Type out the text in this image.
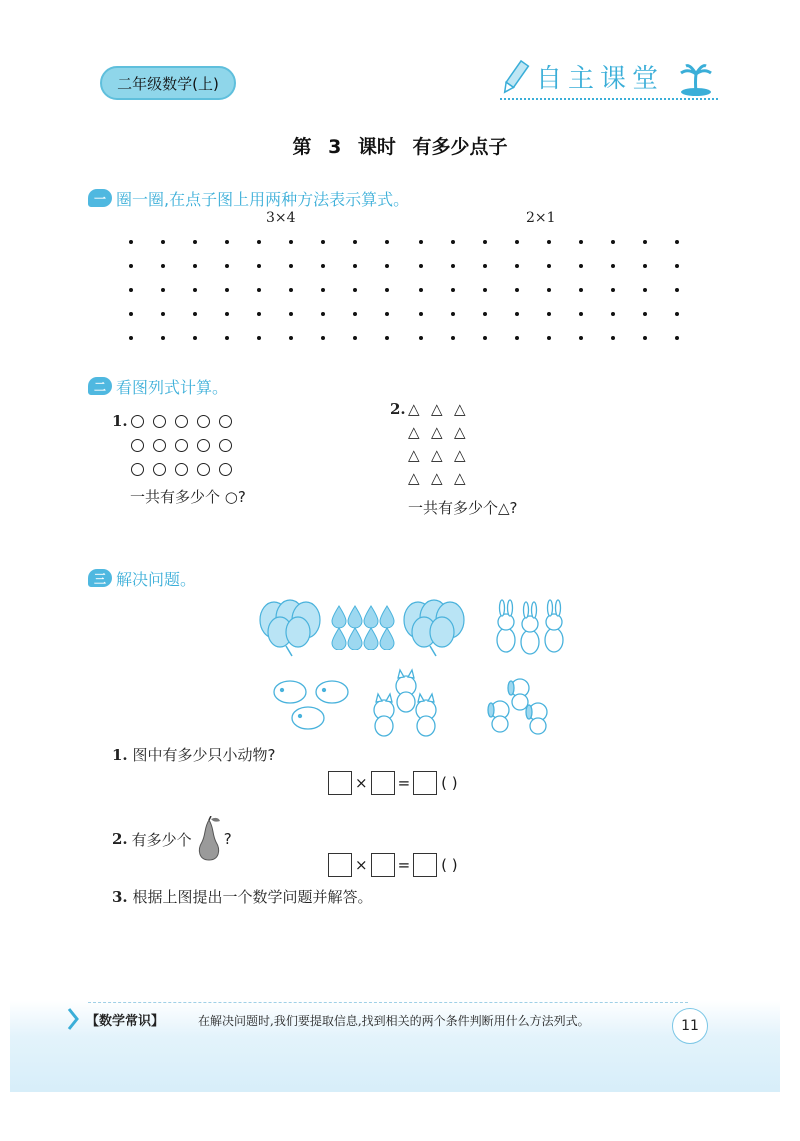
二年级数学(上)	自主课堂
第 3 课时 有多少点子
一 圈一圈,在点子图上用两种方法表示算式。
3×4	2×1
二 看图列式计算。
1.
一共有多少个 ○?
2. △ △ △
△ △ △
△ △ △
△ △ △
一共有多少个△?
三 解决问题。
1. 图中有多少只小动物?
× = ( )
2. 有多少个 ?
× = ( )
3. 根据上图提出一个数学问题并解答。
【数学常识】	在解决问题时,我们要提取信息,找到相关的两个条件判断用什么方法列式。	11
